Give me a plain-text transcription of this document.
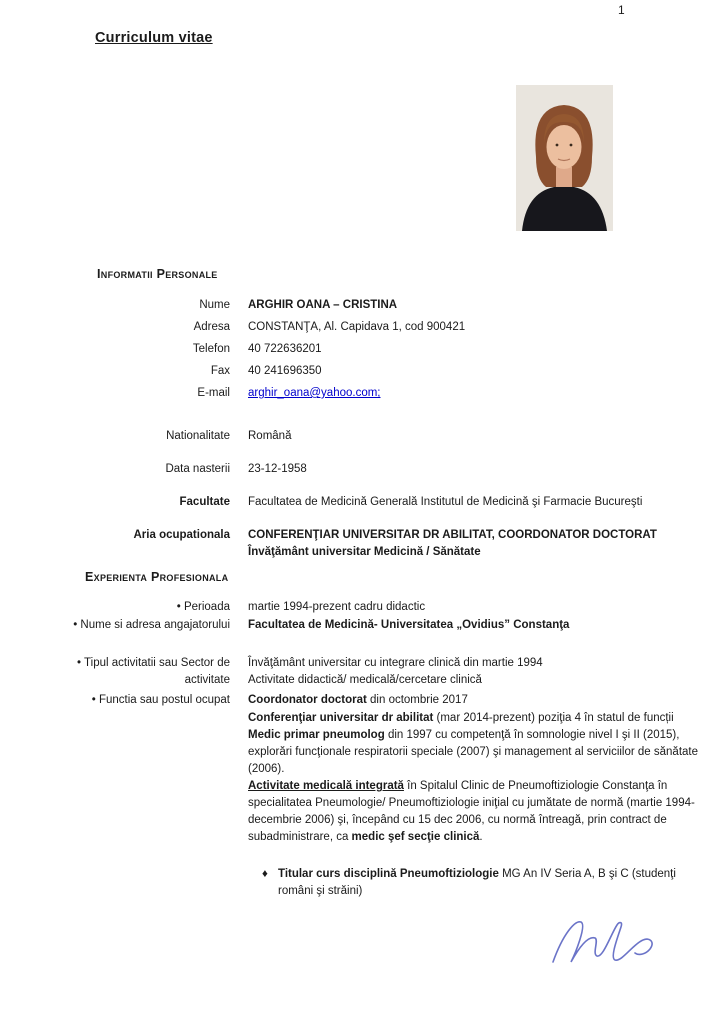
1
Curriculum vitae
Informatii Personale
Nume ARGHIR OANA – CRISTINA
Adresa CONSTANŢA, Al. Capidava 1, cod 900421
Telefon 40 722636201
Fax 40 241696350
E-mail arghir_oana@yahoo.com;
Nationalitate Română
Data nasterii 23-12-1958
Facultate Facultatea de Medicină Generală Institutul de Medicină şi Farmacie Bucureşti
Aria ocupationala CONFERENŢIAR UNIVERSITAR DR ABILITAT, COORDONATOR DOCTORAT
Învăţământ universitar Medicină / Sănătate
Experienta Profesionala
• Perioada martie 1994-prezent cadru didactic
• Nume si adresa angajatorului Facultatea de Medicină- Universitatea „Ovidius” Constanţa
• Tipul activitatii sau Sector de activitate
Învăţământ universitar cu integrare clinică din martie 1994
Activitate didactică/ medicală/cercetare clinică
• Functia sau postul ocupat Coordonator doctorat din octombrie 2017
Conferenţiar universitar dr abilitat (mar 2014-prezent) poziţia 4 în statul de funcții Medic primar pneumolog din 1997 cu competenţă în somnologie nivel I şi II (2015), explorări funcţionale respiratorii speciale (2007) şi management al serviciilor de sănătate (2006).
Activitate medicală integrată în Spitalul Clinic de Pneumoftiziologie Constanţa în specialitatea Pneumologie/ Pneumoftiziologie iniţial cu jumătate de normă (martie 1994- decembrie 2006) şi, începând cu 15 dec 2006, cu normă întreagă, prin contract de subadministrare, ca medic şef secţie clinică.
♦ Titular curs disciplină Pneumoftiziologie MG An IV Seria A, B şi C (studenţi români şi străini)
